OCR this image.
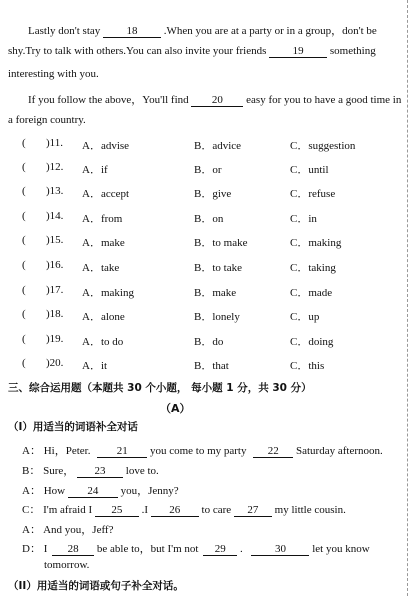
Lastly don't stay 18 .When you are at a party or in a group，don't be
shy.Try to talk with others.You can also invite your friends 19 something
interesting with you.
If you follow the above，You'll find 20 easy for you to have a good time in
a foreign country.
( )11. A．advise	B．advice	C．suggestion
( )12. A．if	B．or	C．until
( )13. A．accept	B．give	C．refuse
( )14. A．from	B．on	C．in
( )15. A．make	B．to make	C．making
( )16. A．take	B．to take	C．taking
( )17. A．making	B．make	C．made
( )18. A．alone	B．lonely	C．up
( )19. A．to do	B．do	C．doing
( )20. A．it	B．that	C．this
三、综合运用题（本题共 30 个小题， 每小题 1 分，共 30 分）
（A）
（Ⅰ）用适当的词语补全对话
A： Hi，Peter. 21 you come to my party 22 Saturday afternoon.
B： Sure， 23 love to.
A： How 24 you，Jenny?
C： I'm afraid I 25 .I 26 to care 27 my little cousin.
A： And you，Jeff?
D： I 28 be able to，but I'm not 29 .	30 let you know
tomorrow.
（II）用适当的词语或句子补全对话。
